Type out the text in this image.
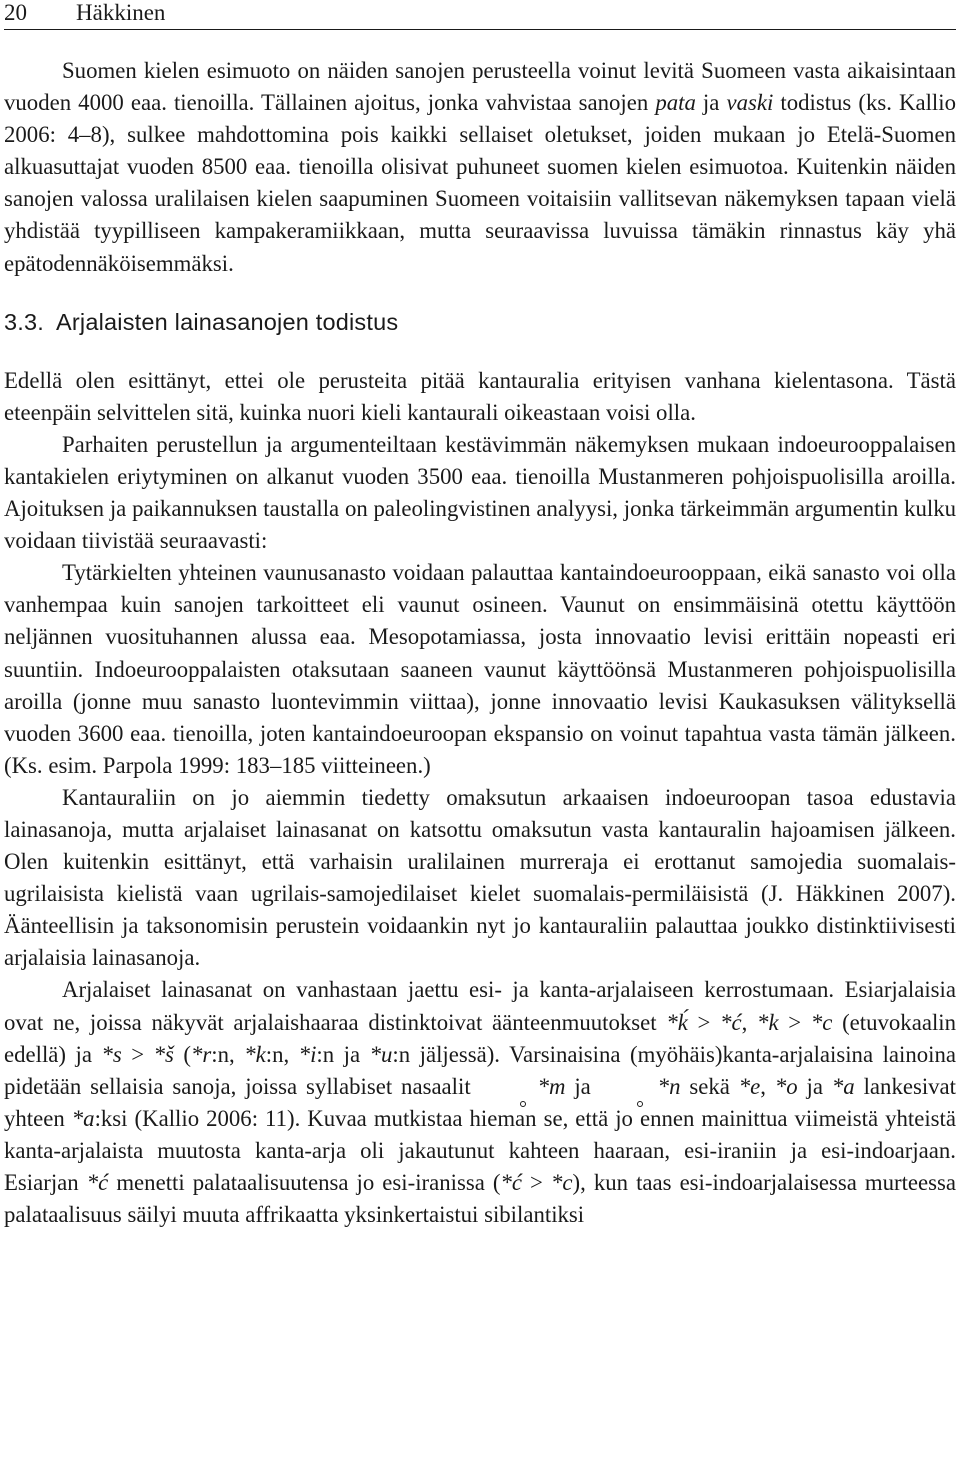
20	Häkkinen

Suomen kielen esimuoto on näiden sanojen perusteella voinut levitä Suomeen vasta aikaisintaan vuoden 4000 eaa. tienoilla. Tällainen ajoitus, jonka vahvistaa sanojen pata ja vaski todistus (ks. Kallio 2006: 4‒8), sulkee mahdottomina pois kaikki sellaiset oletukset, joiden mukaan jo Etelä-Suomen alkuasuttajat vuoden 8500 eaa. tienoilla olisivat puhuneet suomen kielen esimuotoa. Kuitenkin näiden sanojen valossa uralilaisen kielen saapuminen Suomeen voitaisiin vallitsevan näkemyksen tapaan vielä yhdistää tyypilliseen kampakeramiikkaan, mutta seuraavissa luvuissa tämäkin rinnastus käy yhä epätodennäköisemmäksi.

3.3. Arjalaisten lainasanojen todistus

Edellä olen esittänyt, ettei ole perusteita pitää kantauralia erityisen vanhana kielentasona. Tästä eteenpäin selvittelen sitä, kuinka nuori kieli kantaurali oikeastaan voisi olla.

Parhaiten perustellun ja argumenteiltaan kestävimmän näkemyksen mukaan indoeurooppalaisen kantakielen eriytyminen on alkanut vuoden 3500 eaa. tienoilla Mustanmeren pohjoispuolisilla aroilla. Ajoituksen ja paikannuksen taustalla on paleolingvistinen analyysi, jonka tärkeimmän argumentin kulku voidaan tiivistää seuraavasti:

Tytärkielten yhteinen vaunusanasto voidaan palauttaa kantaindoeurooppaan, eikä sanasto voi olla vanhempaa kuin sanojen tarkoitteet eli vaunut osineen. Vaunut on ensimmäisinä otettu käyttöön neljännen vuosituhannen alussa eaa. Mesopotamiassa, josta innovaatio levisi erittäin nopeasti eri suuntiin. Indoeurooppalaisten otaksutaan saaneen vaunut käyttöönsä Mustanmeren pohjoispuolisilla aroilla (jonne muu sanasto luontevimmin viittaa), jonne innovaatio levisi Kaukasuksen välityksellä vuoden 3600 eaa. tienoilla, joten kantaindoeuroopan ekspansio on voinut tapahtua vasta tämän jälkeen. (Ks. esim. Parpola 1999: 183‒185 viitteineen.)

Kantauraliin on jo aiemmin tiedetty omaksutun arkaaisen indoeuroopan tasoa edustavia lainasanoja, mutta arjalaiset lainasanat on katsottu omaksutun vasta kantauralin hajoamisen jälkeen. Olen kuitenkin esittänyt, että varhaisin uralilainen murreraja ei erottanut samojedia suomalais-ugrilaisista kielistä vaan ugrilais-samojedilaiset kielet suomalais-permiläisistä (J. Häkkinen 2007). Äänteellisin ja taksonomisin perustein voidaankin nyt jo kantauraliin palauttaa joukko distinktiivisesti arjalaisia lainasanoja.

Arjalaiset lainasanat on vanhastaan jaettu esi- ja kanta-arjalaiseen kerrostumaan. Esiarjalaisia ovat ne, joissa näkyvät arjalaishaaraa distinktoivat äänteenmuutokset *ḱ > *ć, *k > *c (etuvokaalin edellä) ja *s > *š (*r:n, *k:n, *i:n ja *u:n jäljessä). Varsinaisina (myöhäis)kanta-arjalaisina lainoina pidetään sellaisia sanoja, joissa syllabiset nasaalit	*m ja	*n sekä *e, *o ja *a lankesivat yhteen *a:ksi (Kallio 2006: 11). Kuvaa mutkistaa hieman se, että jo ennen mainittua viimeistä yhteistä kanta-arjalaista muutosta kanta-arja oli jakautunut kahteen haaraan, esi-iraniin ja esi-indoarjaan. Esiarjan *ć menetti palataalisuutensa jo esi-iranissa (*ć > *c), kun taas esi-indoarjalaisessa murteessa palataalisuus säilyi muuta affrikaatta yksinkertaistui sibilantiksi
